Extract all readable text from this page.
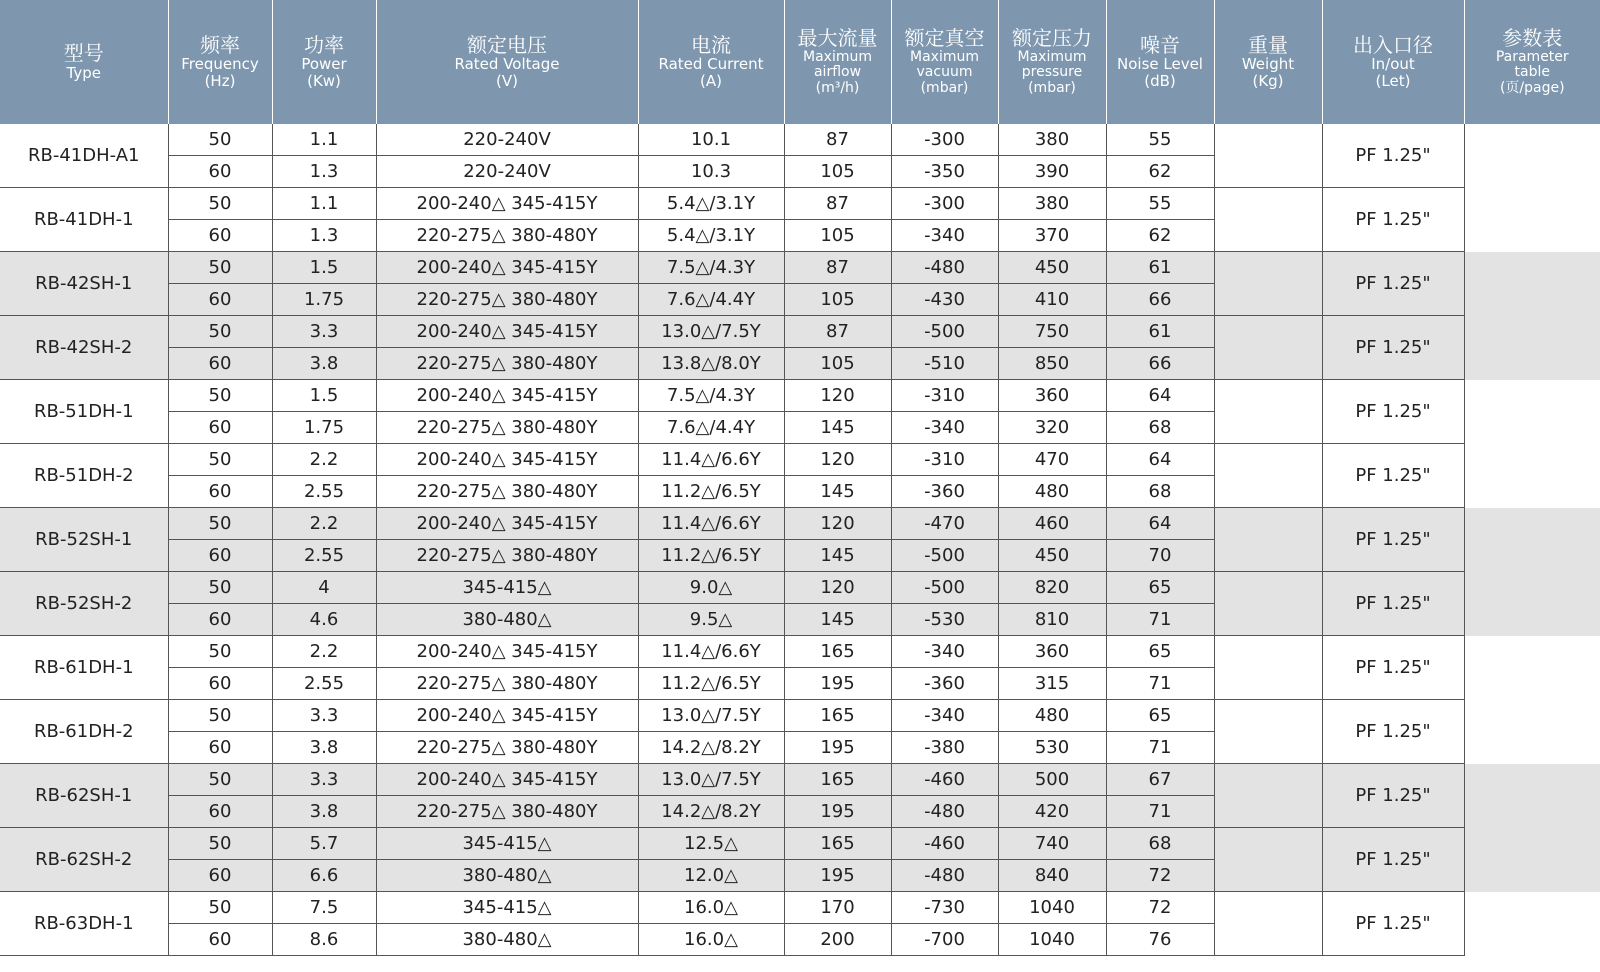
型号
Type	频率
Frequency
(Hz)	功率
Power
(Kw)	额定电压
Rated Voltage
(V)	电流
Rated Current
(A)	最大流量
Maximum
airflow
(m³/h)	额定真空
Maximum
vacuum
(mbar)	额定压力
Maximum
pressure
(mbar)	噪音
Noise Level
(dB)	重量
Weight
(Kg)	出入口径
In/out
(Let)	参数表
Parameter
table
(页/page)

RB-41DH-A1	50	1.1	220-240V	10.1	87	-300	380	55		PF 1.25"	
	60	1.3	220-240V	10.3	105	-350	390	62			
RB-41DH-1	50	1.1	200-240△ 345-415Y	5.4△/3.1Y	87	-300	380	55		PF 1.25"	
	60	1.3	220-275△ 380-480Y	5.4△/3.1Y	105	-340	370	62			
RB-42SH-1	50	1.5	200-240△ 345-415Y	7.5△/4.3Y	87	-480	450	61		PF 1.25"	
	60	1.75	220-275△ 380-480Y	7.6△/4.4Y	105	-430	410	66			
RB-42SH-2	50	3.3	200-240△ 345-415Y	13.0△/7.5Y	87	-500	750	61		PF 1.25"	
	60	3.8	220-275△ 380-480Y	13.8△/8.0Y	105	-510	850	66			
RB-51DH-1	50	1.5	200-240△ 345-415Y	7.5△/4.3Y	120	-310	360	64		PF 1.25"	
	60	1.75	220-275△ 380-480Y	7.6△/4.4Y	145	-340	320	68			
RB-51DH-2	50	2.2	200-240△ 345-415Y	11.4△/6.6Y	120	-310	470	64		PF 1.25"	
	60	2.55	220-275△ 380-480Y	11.2△/6.5Y	145	-360	480	68			
RB-52SH-1	50	2.2	200-240△ 345-415Y	11.4△/6.6Y	120	-470	460	64		PF 1.25"	
	60	2.55	220-275△ 380-480Y	11.2△/6.5Y	145	-500	450	70			
RB-52SH-2	50	4	345-415△	9.0△	120	-500	820	65		PF 1.25"	
	60	4.6	380-480△	9.5△	145	-530	810	71			
RB-61DH-1	50	2.2	200-240△ 345-415Y	11.4△/6.6Y	165	-340	360	65		PF 1.25"	
	60	2.55	220-275△ 380-480Y	11.2△/6.5Y	195	-360	315	71			
RB-61DH-2	50	3.3	200-240△ 345-415Y	13.0△/7.5Y	165	-340	480	65		PF 1.25"	
	60	3.8	220-275△ 380-480Y	14.2△/8.2Y	195	-380	530	71			
RB-62SH-1	50	3.3	200-240△ 345-415Y	13.0△/7.5Y	165	-460	500	67		PF 1.25"	
	60	3.8	220-275△ 380-480Y	14.2△/8.2Y	195	-480	420	71			
RB-62SH-2	50	5.7	345-415△	12.5△	165	-460	740	68		PF 1.25"	
	60	6.6	380-480△	12.0△	195	-480	840	72			
RB-63DH-1	50	7.5	345-415△	16.0△	170	-730	1040	72		PF 1.25"	
	60	8.6	380-480△	16.0△	200	-700	1040	76			
